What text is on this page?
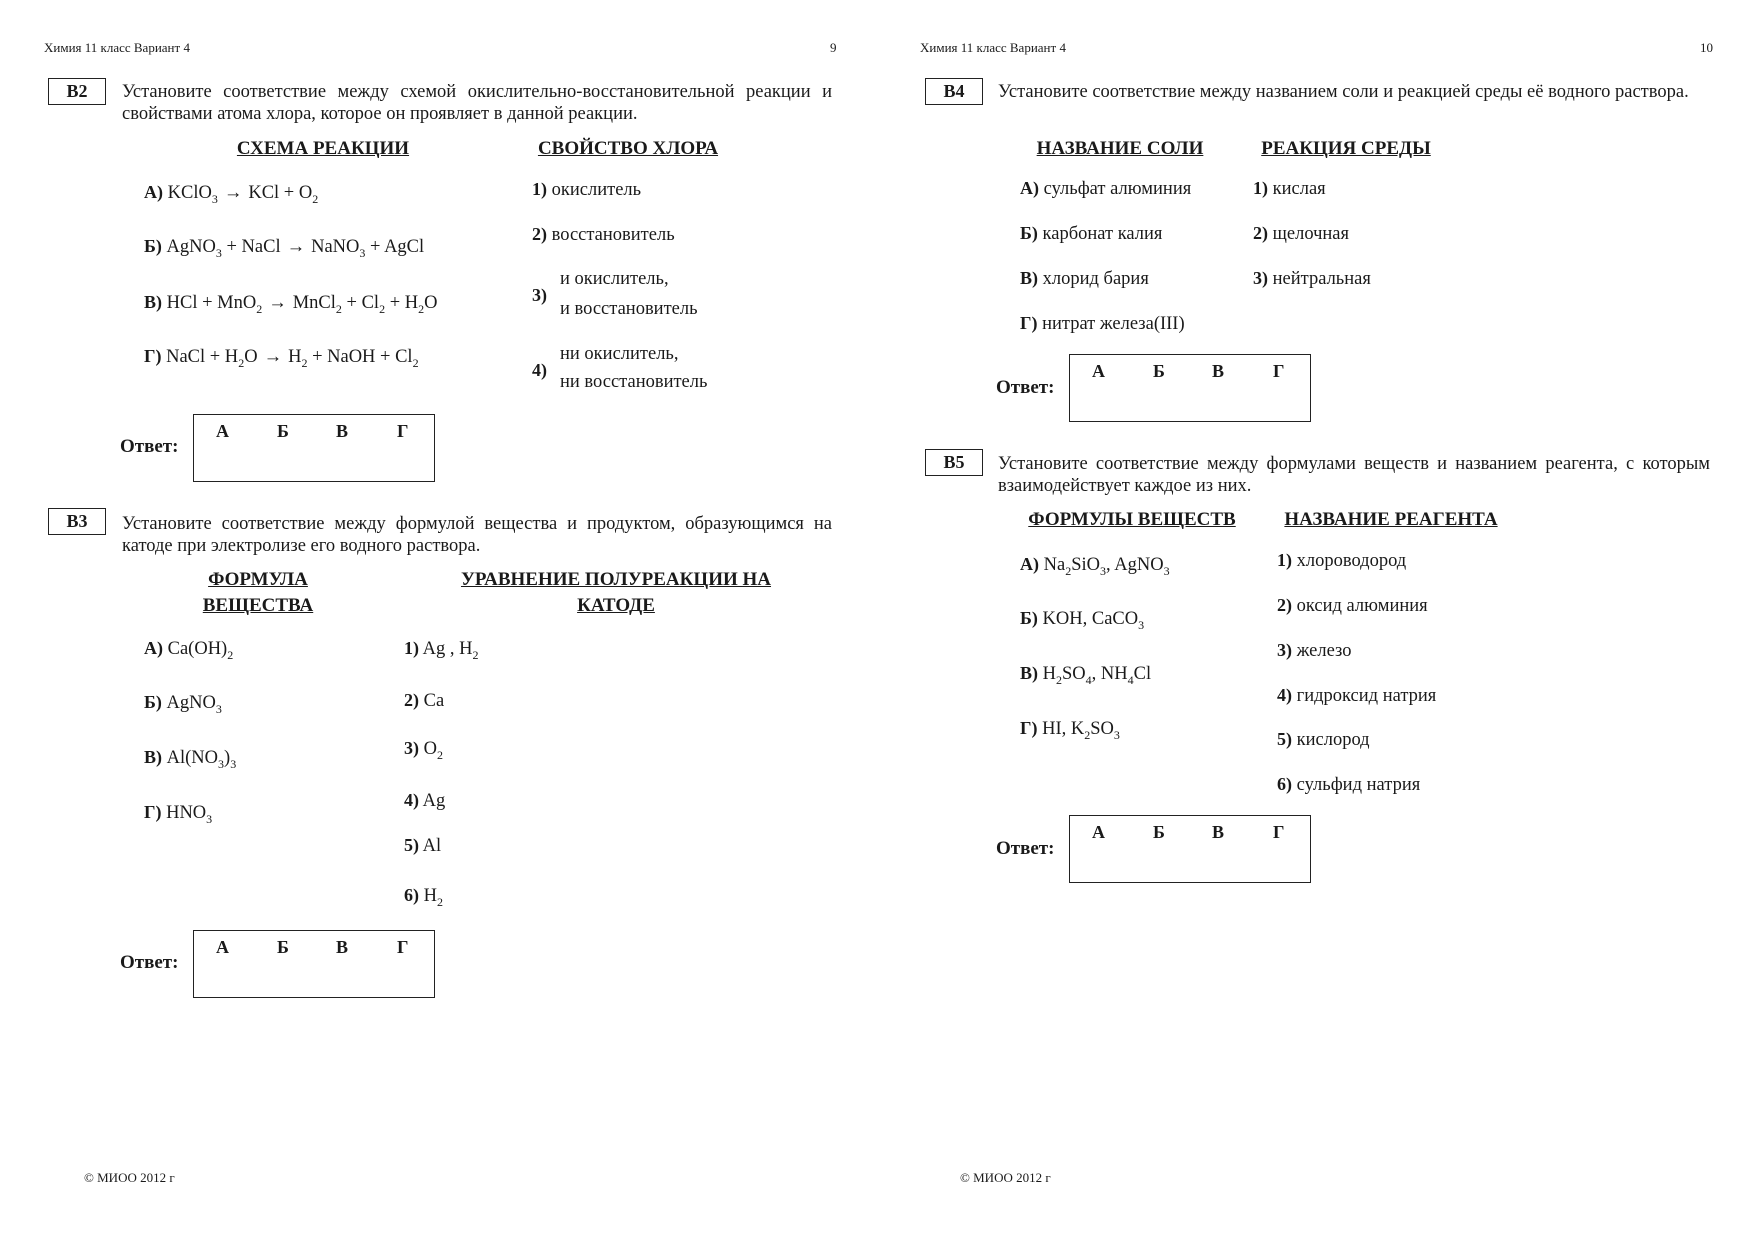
Химия 11 класс Вариант 4	9
B2	Установите соответствие между схемой окислительно-восстановительной реакции и свойствами атома хлора, которое он проявляет в данной реакции.
СХЕМА РЕАКЦИИ	СВОЙСТВО ХЛОРА
А) KClO$_3$ → KCl + $O_2$
Б) AgNO$_3$ + NaCl → NaNO$_3$ + AgCl
В) HCl + MnO$_2$ → MnCl$_2$ + $Cl_2 + H_2O$
Г) NaCl + $H_2O \to H_2$ + NaOH + $Cl_2$
1) окислитель
2) восстановитель
3)
и окислитель,
и восстановитель
4)
ни окислитель,
ни восстановитель
Ответ:
А	Б	В	Г
B3	Установите соответствие между формулой вещества и продуктом, образующимся на катоде при электролизе его водного раствора.
ФОРМУЛА
ВЕЩЕСТВА
УРАВНЕНИЕ ПОЛУРЕАКЦИИ НА
КАТОДЕ
А) $Ca(OH)_2$
Б) AgNO$_3$
В) $Al(NO_3)_3$
Г) $HNO_3$
1) Ag , $H_2$
2) Ca
3) $O_2$
4) Ag
5) Al
6) $H_2$
Ответ:
А	Б	В	Г
© МИОО 2012 г
Химия 11 класс Вариант 4	10
B4	Установите соответствие между названием соли и реакцией среды её водного раствора.
НАЗВАНИЕ СОЛИ	РЕАКЦИЯ СРЕДЫ
А) сульфат алюминия
Б) карбонат калия
В) хлорид бария
Г) нитрат железа(III)
1) кислая
2) щелочная
3) нейтральная
Ответ:
А	Б	В	Г
B5	Установите соответствие между формулами веществ и названием реагента, с которым взаимодействует каждое из них.
ФОРМУЛЫ ВЕЩЕСТВ	НАЗВАНИЕ РЕАГЕНТА
А) $Na_2SiO_3$, AgNO$_3$
Б) KOH, CaCO$_3$
В) $H_2SO_4$, $NH_4Cl$
Г) HI, $K_2SO_3$
1) хлороводород
2) оксид алюминия
3) железо
4) гидроксид натрия
5) кислород
6) сульфид натрия
Ответ:
А	Б	В	Г
© МИОО 2012 г
